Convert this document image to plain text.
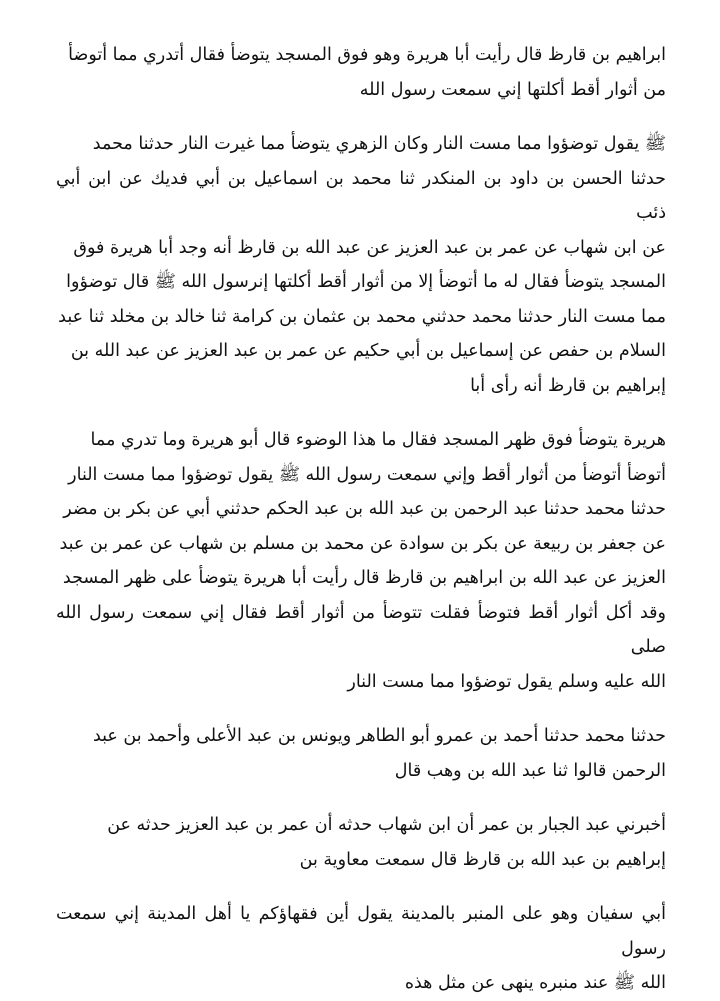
ابراهيم بن قارظ قال رأيت أبا هريرة وهو فوق المسجد يتوضأ فقال أتدري مما أتوضأ
من أثوار أقط أكلتها إني سمعت رسول الله
ﷺ يقول توضؤوا مما مست النار وكان الزهري يتوضأ مما غيرت النار حدثنا محمد
حدثنا الحسن بن داود بن المنكدر ثنا محمد بن اسماعيل بن أبي فديك عن ابن أبي ذئب
عن ابن شهاب عن عمر بن عبد العزيز عن عبد الله بن قارظ أنه وجد أبا هريرة فوق
المسجد يتوضأ فقال له ما أتوضأ إلا من أثوار أقط أكلتها إنرسول الله ﷺ قال توضؤوا
مما مست النار حدثنا محمد حدثني محمد بن عثمان بن كرامة ثنا خالد بن مخلد ثنا عبد
السلام بن حفص عن إسماعيل بن أبي حكيم عن عمر بن عبد العزيز عن عبد الله بن
إبراهيم بن قارظ أنه رأى أبا
هريرة يتوضأ فوق ظهر المسجد فقال ما هذا الوضوء قال أبو هريرة وما تدري مما
أتوضأ أتوضأ من أثوار أقط وإني سمعت رسول الله ﷺ يقول توضؤوا مما مست النار
حدثنا محمد حدثنا عبد الرحمن بن عبد الله بن عبد الحكم حدثني أبي عن بكر بن مضر
عن جعفر بن ربيعة عن بكر بن سوادة عن محمد بن مسلم بن شهاب عن عمر بن عبد
العزيز عن عبد الله بن ابراهيم بن قارظ قال رأيت أبا هريرة يتوضأ على ظهر المسجد
وقد أكل أثوار أقط فتوضأ فقلت تتوضأ من أثوار أقط فقال إني سمعت رسول الله صلى
الله عليه وسلم يقول توضؤوا مما مست النار
حدثنا محمد حدثنا أحمد بن عمرو أبو الطاهر ويونس بن عبد الأعلى وأحمد بن عبد
الرحمن قالوا ثنا عبد الله بن وهب قال
أخبرني عبد الجبار بن عمر أن ابن شهاب حدثه أن عمر بن عبد العزيز حدثه عن
إبراهيم بن عبد الله بن قارظ قال سمعت معاوية بن
أبي سفيان وهو على المنبر بالمدينة يقول أين فقهاؤكم يا أهل المدينة إني سمعت رسول
الله ﷺ عند منبره ينهى عن مثل هذه
